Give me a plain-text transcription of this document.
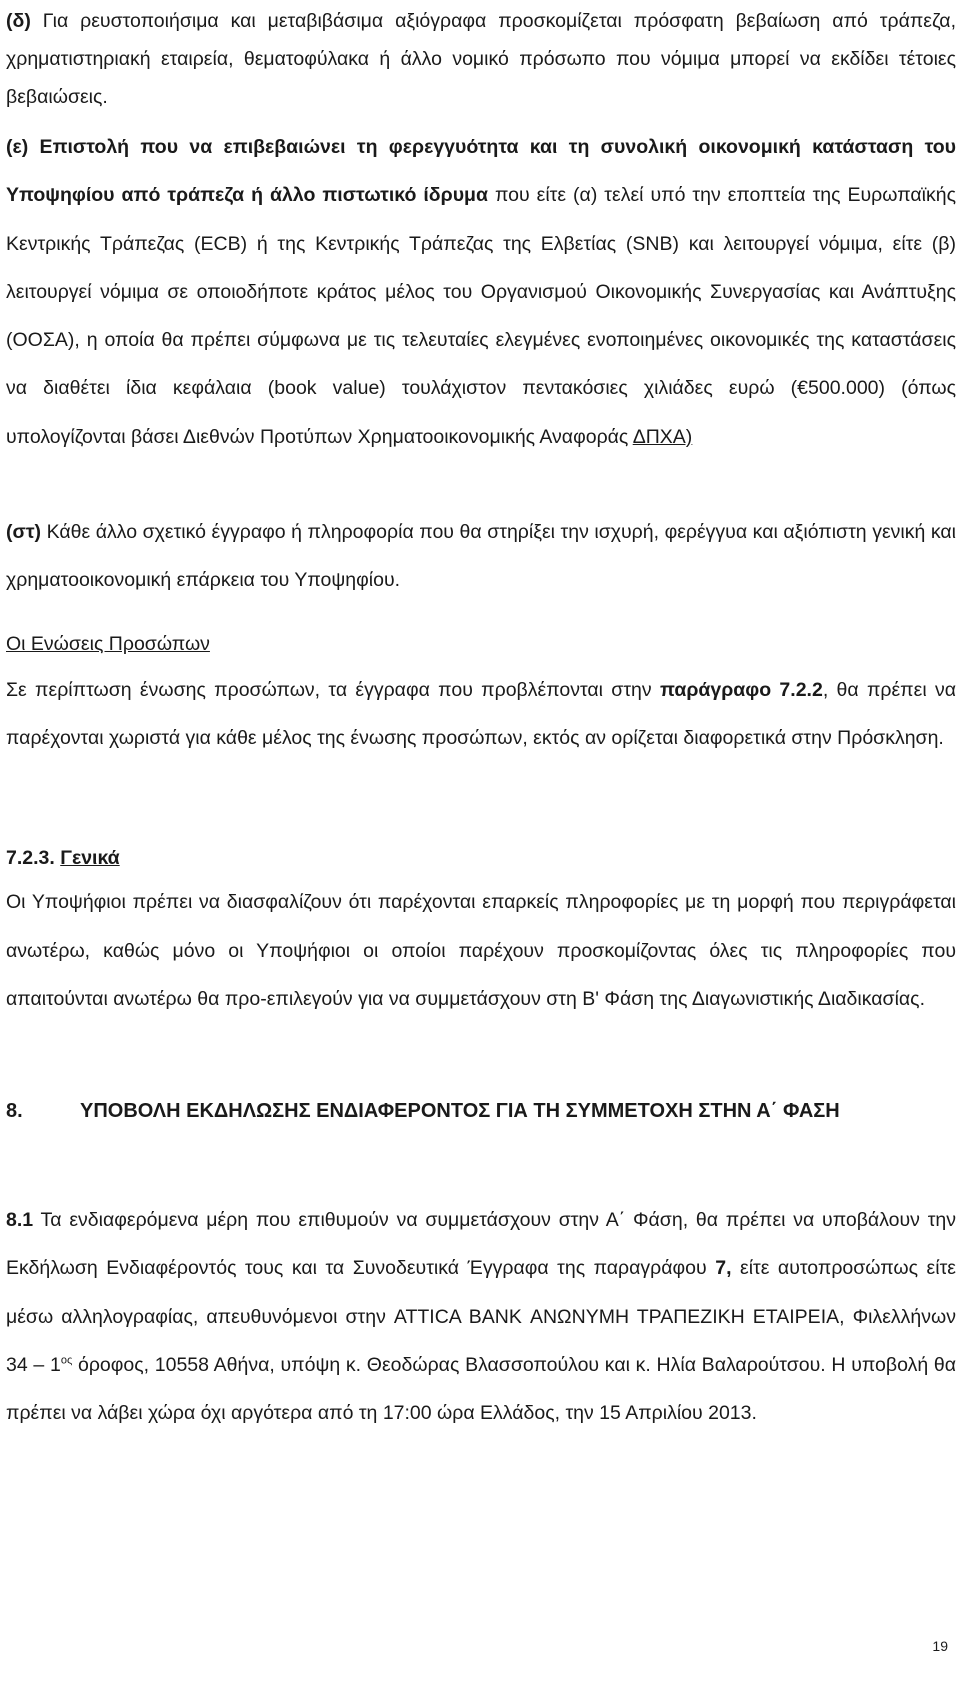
(δ) Για ρευστοποιήσιμα και μεταβιβάσιμα αξιόγραφα προσκομίζεται πρόσφατη βεβαίωση από τράπεζα, χρηματιστηριακή εταιρεία, θεματοφύλακα ή άλλο νομικό πρόσωπο που νόμιμα μπορεί να εκδίδει τέτοιες βεβαιώσεις.

(ε) Επιστολή που να επιβεβαιώνει τη φερεγγυότητα και τη συνολική οικονομική κατάσταση του Υποψηφίου από τράπεζα ή άλλο πιστωτικό ίδρυμα που είτε (α) τελεί υπό την εποπτεία της Ευρωπαϊκής Κεντρικής Τράπεζας (ECB) ή της Κεντρικής Τράπεζας της Ελβετίας (SNB) και λειτουργεί νόμιμα, είτε (β) λειτουργεί νόμιμα σε οποιοδήποτε κράτος μέλος του Οργανισμού Οικονομικής Συνεργασίας και Ανάπτυξης (ΟΟΣΑ), η οποία θα πρέπει σύμφωνα με τις τελευταίες ελεγμένες ενοποιημένες οικονομικές της καταστάσεις να διαθέτει ίδια κεφάλαια (book value) τουλάχιστον πεντακόσιες χιλιάδες ευρώ (€500.000) (όπως υπολογίζονται βάσει Διεθνών Προτύπων Χρηματοοικονομικής Αναφοράς ΔΠΧΑ)

(στ) Κάθε άλλο σχετικό έγγραφο ή πληροφορία που θα στηρίξει την ισχυρή, φερέγγυα και αξιόπιστη γενική και χρηματοοικονομική επάρκεια του Υποψηφίου.

Οι Ενώσεις Προσώπων

Σε περίπτωση ένωσης προσώπων, τα έγγραφα που προβλέπονται στην παράγραφο 7.2.2, θα πρέπει να παρέχονται χωριστά για κάθε μέλος της ένωσης προσώπων, εκτός αν ορίζεται διαφορετικά στην Πρόσκληση.

7.2.3. Γενικά

Οι Υποψήφιοι πρέπει να διασφαλίζουν ότι παρέχονται επαρκείς πληροφορίες με τη μορφή που περιγράφεται ανωτέρω, καθώς μόνο οι Υποψήφιοι οι οποίοι παρέχουν προσκομίζοντας όλες τις πληροφορίες που απαιτούνται ανωτέρω θα προ-επιλεγούν για να συμμετάσχουν στη Β' Φάση της Διαγωνιστικής Διαδικασίας.

8.	ΥΠΟΒΟΛΗ ΕΚΔΗΛΩΣΗΣ ΕΝΔΙΑΦΕΡΟΝΤΟΣ ΓΙΑ ΤΗ ΣΥΜΜΕΤΟΧΗ ΣΤΗΝ Α΄ ΦΑΣΗ

8.1 Τα ενδιαφερόμενα μέρη που επιθυμούν να συμμετάσχουν στην Α΄ Φάση, θα πρέπει να υποβάλουν την Εκδήλωση Ενδιαφέροντός τους και τα Συνοδευτικά Έγγραφα της παραγράφου 7, είτε αυτοπροσώπως είτε μέσω αλληλογραφίας, απευθυνόμενοι στην ATTICA BANK ΑΝΩΝΥΜΗ ΤΡΑΠΕΖΙΚΗ ΕΤΑΙΡΕΙΑ, Φιλελλήνων $34 - 1^{o\varsigma}$ όροφος, 10558 Αθήνα, υπόψη κ. Θεοδώρας Βλασσοπούλου και κ. Ηλία Βαλαρούτσου. Η υποβολή θα πρέπει να λάβει χώρα όχι αργότερα από τη 17:00 ώρα Ελλάδος, την 15 Απριλίου 2013.

19
